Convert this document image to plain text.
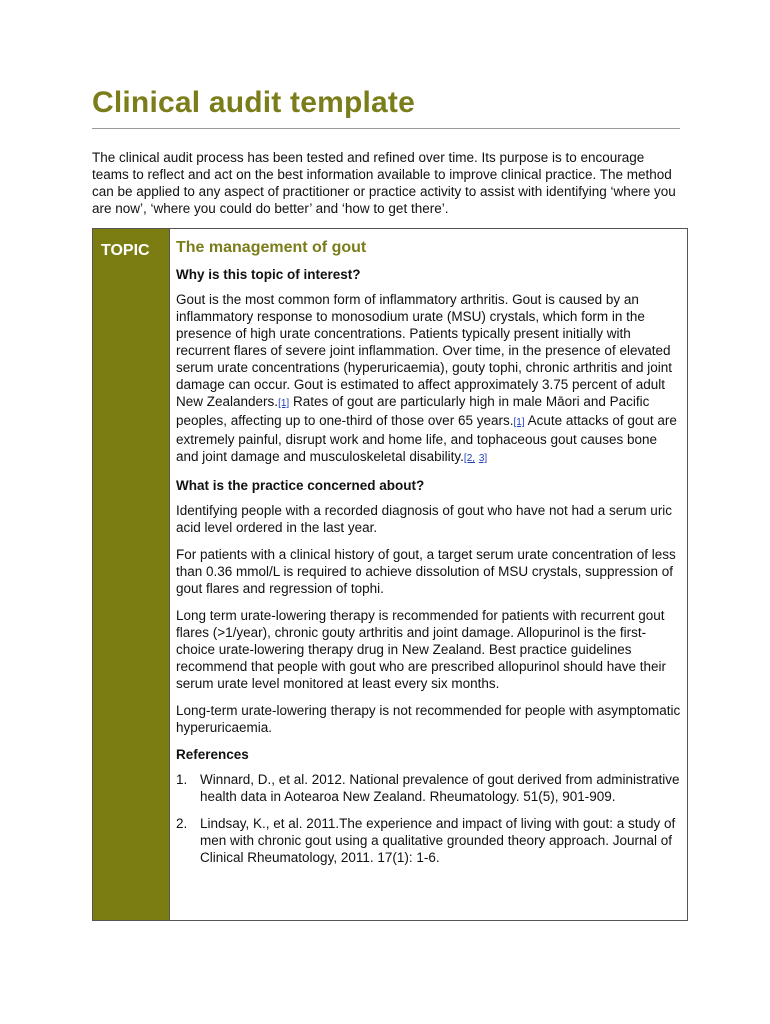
Clinical audit template

The clinical audit process has been tested and refined over time. Its purpose is to encourage teams to reflect and act on the best information available to improve clinical practice. The method can be applied to any aspect of practitioner or practice activity to assist with identifying ‘where you are now’, ‘where you could do better’ and ‘how to get there’.

TOPIC The management of gout

Why is this topic of interest?

Gout is the most common form of inflammatory arthritis. Gout is caused by an inflammatory response to monosodium urate (MSU) crystals, which form in the presence of high urate concentrations. Patients typically present initially with recurrent flares of severe joint inflammation. Over time, in the presence of elevated serum urate concentrations (hyperuricaemia), gouty tophi, chronic arthritis and joint damage can occur. Gout is estimated to affect approximately 3.75 percent of adult New Zealanders.[1] Rates of gout are particularly high in male Māori and Pacific peoples, affecting up to one-third of those over 65 years.[1] Acute attacks of gout are extremely painful, disrupt work and home life, and tophaceous gout causes bone and joint damage and musculoskeletal disability.[2, 3]

What is the practice concerned about?

Identifying people with a recorded diagnosis of gout who have not had a serum uric acid level ordered in the last year.

For patients with a clinical history of gout, a target serum urate concentration of less than 0.36 mmol/L is required to achieve dissolution of MSU crystals, suppression of gout flares and regression of tophi.

Long term urate-lowering therapy is recommended for patients with recurrent gout flares (>1/year), chronic gouty arthritis and joint damage. Allopurinol is the first-choice urate-lowering therapy drug in New Zealand. Best practice guidelines recommend that people with gout who are prescribed allopurinol should have their serum urate level monitored at least every six months.

Long-term urate-lowering therapy is not recommended for people with asymptomatic hyperuricaemia.

References

1. Winnard, D., et al. 2012. National prevalence of gout derived from administrative health data in Aotearoa New Zealand. Rheumatology. 51(5), 901-909.
2. Lindsay, K., et al. 2011.The experience and impact of living with gout: a study of men with chronic gout using a qualitative grounded theory approach. Journal of Clinical Rheumatology, 2011. 17(1): 1-6.
